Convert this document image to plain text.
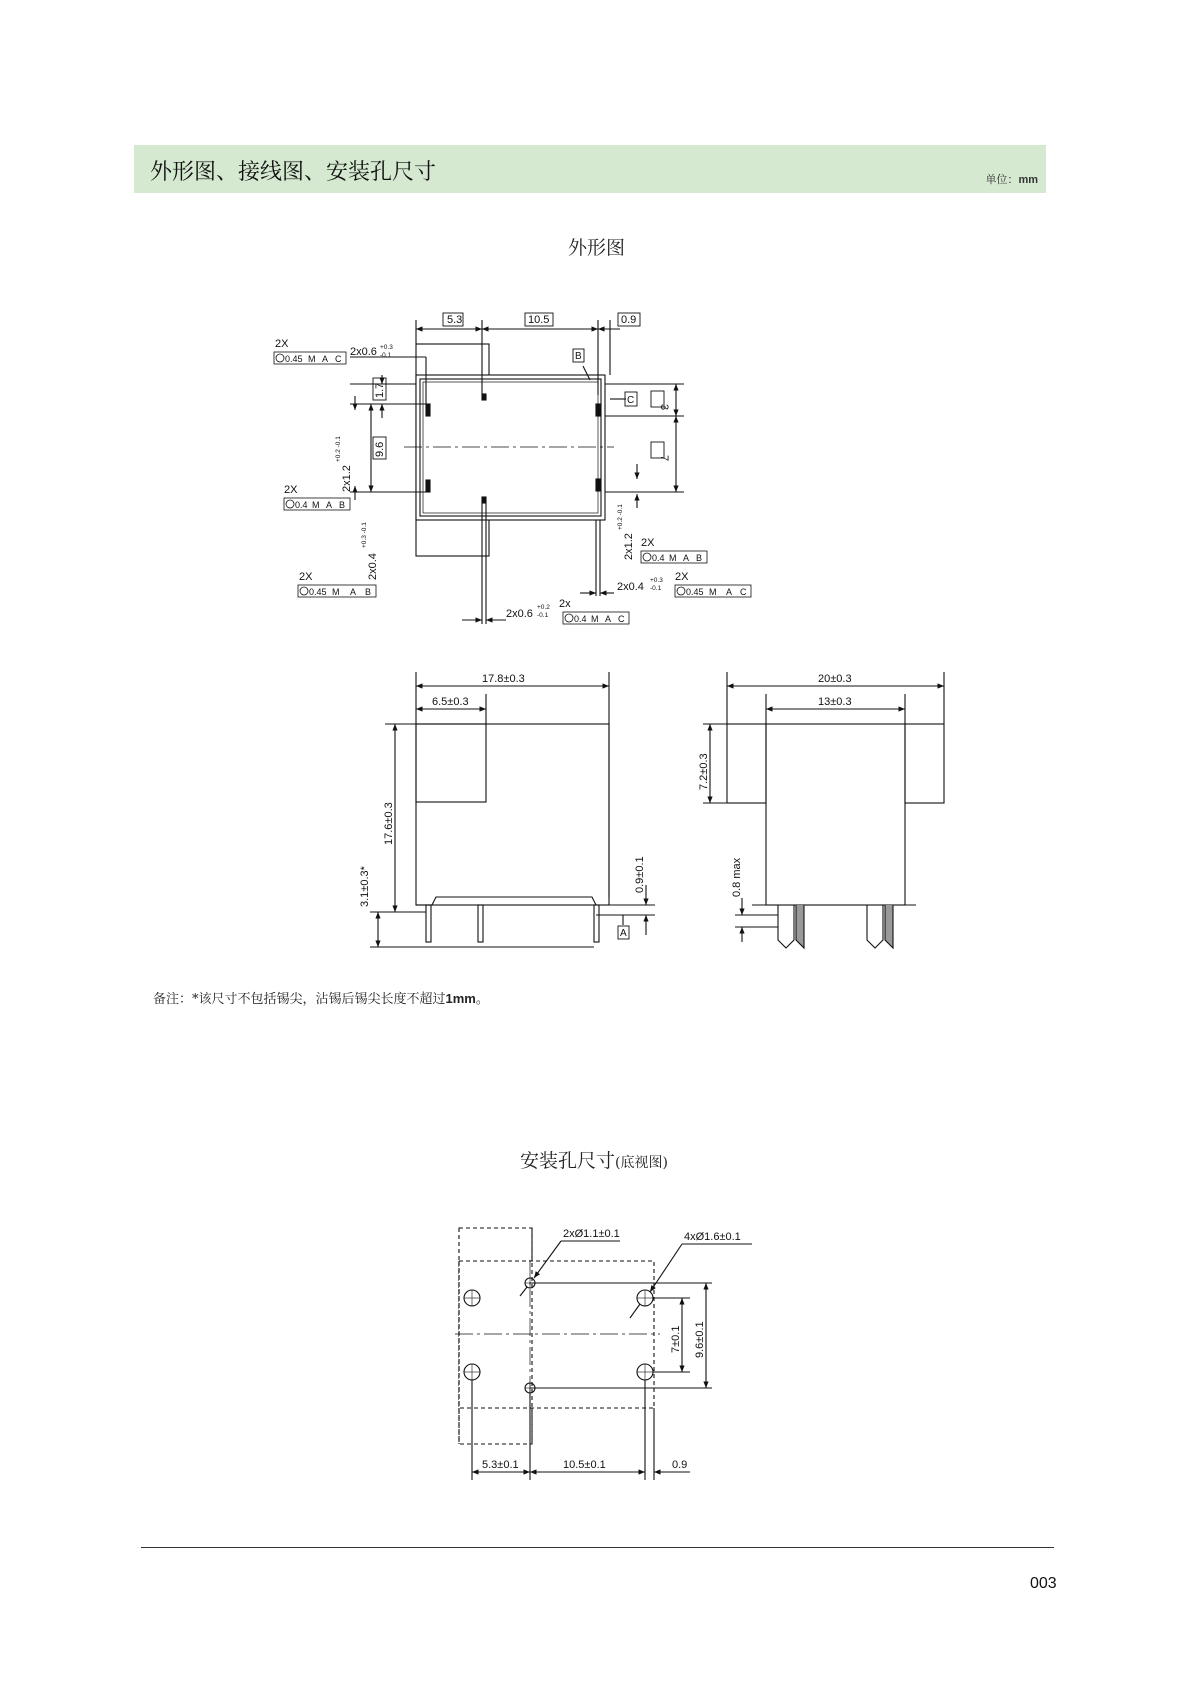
外形图、接线图、安装孔尺寸	单位：mm
外形图
5.3	10.5	0.9
B
C
1.7
9.6
3
7
2X
2X
2X
2X
2X
2x
2x0.6 +0.3
-0.1
2x1.2
+0.2 -0.1
2x0.4
+0.3 -0.1	2x1.2
+0.2 -0.1
2x0.4
+0.3
-0.1
2x0.6
+0.2
-0.1
0.45 M A C
0.4 M A B
0.45 M A B
0.4 M A B
0.45 M A C
0.4 M A C
17.8±0.3
6.5±0.3
17.6±0.3
3.1±0.3*	0.9±0.1
A
20±0.3
13±0.3
7.2±0.3
0.8 max
2xØ1.1±0.1	4xØ1.6±0.1
7±0.1 9.6±0.1
5.3±0.1	10.5±0.1	0.9
备注：*该尺寸不包括锡尖，沾锡后锡尖长度不超过1mm。
安装孔尺寸(底视图)
003
